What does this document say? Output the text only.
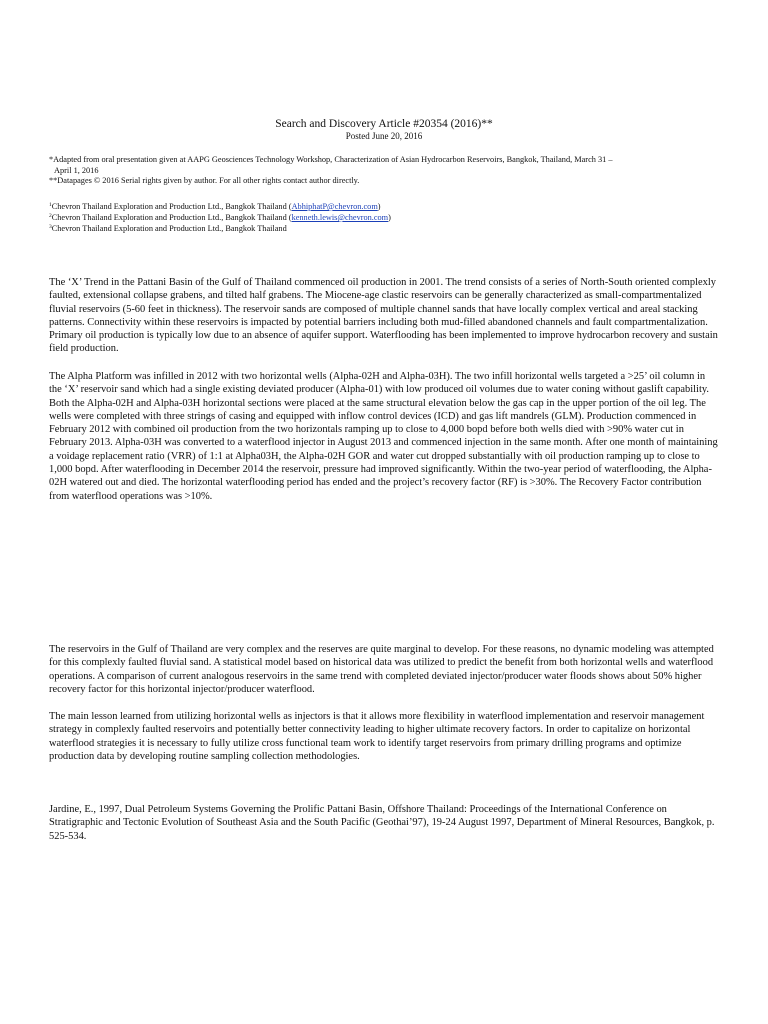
Search and Discovery Article #20354 (2016)**
Posted June 20, 2016

*Adapted from oral presentation given at AAPG Geosciences Technology Workshop, Characterization of Asian Hydrocarbon Reservoirs, Bangkok, Thailand, March 31 –

April 1, 2016

**Datapages © 2016 Serial rights given by author. For all other rights contact author directly.

$^1$Chevron Thailand Exploration and Production Ltd., Bangkok Thailand (AbhiphatP@chevron.com)

$^2$Chevron Thailand Exploration and Production Ltd., Bangkok Thailand (kenneth.lewis@chevron.com)

$^3$Chevron Thailand Exploration and Production Ltd., Bangkok Thailand

The ‘X’ Trend in the Pattani Basin of the Gulf of Thailand commenced oil production in 2001. The trend consists of a series of North-South oriented complexly faulted, extensional collapse grabens, and tilted half grabens. The Miocene-age clastic reservoirs can be generally characterized as small-compartmentalized fluvial reservoirs (5-60 feet in thickness). The reservoir sands are composed of multiple channel sands that have locally complex vertical and areal stacking patterns. Connectivity within these reservoirs is impacted by potential barriers including both mud-filled abandoned channels and fault compartmentalization. Primary oil production is typically low due to an absence of aquifer support. Waterflooding has been implemented to improve hydrocarbon recovery and sustain field production.

The Alpha Platform was infilled in 2012 with two horizontal wells (Alpha-02H and Alpha-03H). The two infill horizontal wells targeted a >25’ oil column in the ‘X’ reservoir sand which had a single existing deviated producer (Alpha-01) with low produced oil volumes due to water coning without gaslift capability. Both the Alpha-02H and Alpha-03H horizontal sections were placed at the same structural elevation below the gas cap in the upper portion of the oil leg. The wells were completed with three strings of casing and equipped with inflow control devices (ICD) and gas lift mandrels (GLM). Production commenced in February 2012 with combined oil production from the two horizontals ramping up to close to 4,000 bopd before both wells died with >90% water cut in February 2013. Alpha-03H was converted to a waterflood injector in August 2013 and commenced injection in the same month. After one month of maintaining a voidage replacement ratio (VRR) of 1:1 at Alpha03H, the Alpha-02H GOR and water cut dropped substantially with oil production ramping up to close to 1,000 bopd. After waterflooding in December 2014 the reservoir, pressure had improved significantly. Within the two-year period of waterflooding, the Alpha-02H watered out and died. The horizontal waterflooding period has ended and the project’s recovery factor (RF) is >30%. The Recovery Factor contribution from waterflood operations was >10%.

The reservoirs in the Gulf of Thailand are very complex and the reserves are quite marginal to develop. For these reasons, no dynamic modeling was attempted for this complexly faulted fluvial sand. A statistical model based on historical data was utilized to predict the benefit from both horizontal wells and waterflood operations. A comparison of current analogous reservoirs in the same trend with completed deviated injector/producer water floods shows about 50% higher recovery factor for this horizontal injector/producer waterflood.

The main lesson learned from utilizing horizontal wells as injectors is that it allows more flexibility in waterflood implementation and reservoir management strategy in complexly faulted reservoirs and potentially better connectivity leading to higher ultimate recovery factors. In order to capitalize on horizontal waterflood strategies it is necessary to fully utilize cross functional team work to identify target reservoirs from primary drilling programs and optimize production data by developing routine sampling collection methodologies.

Jardine, E., 1997, Dual Petroleum Systems Governing the Prolific Pattani Basin, Offshore Thailand: Proceedings of the International Conference on Stratigraphic and Tectonic Evolution of Southeast Asia and the South Pacific (Geothai’97), 19-24 August 1997, Department of Mineral Resources, Bangkok, p. 525-534.
